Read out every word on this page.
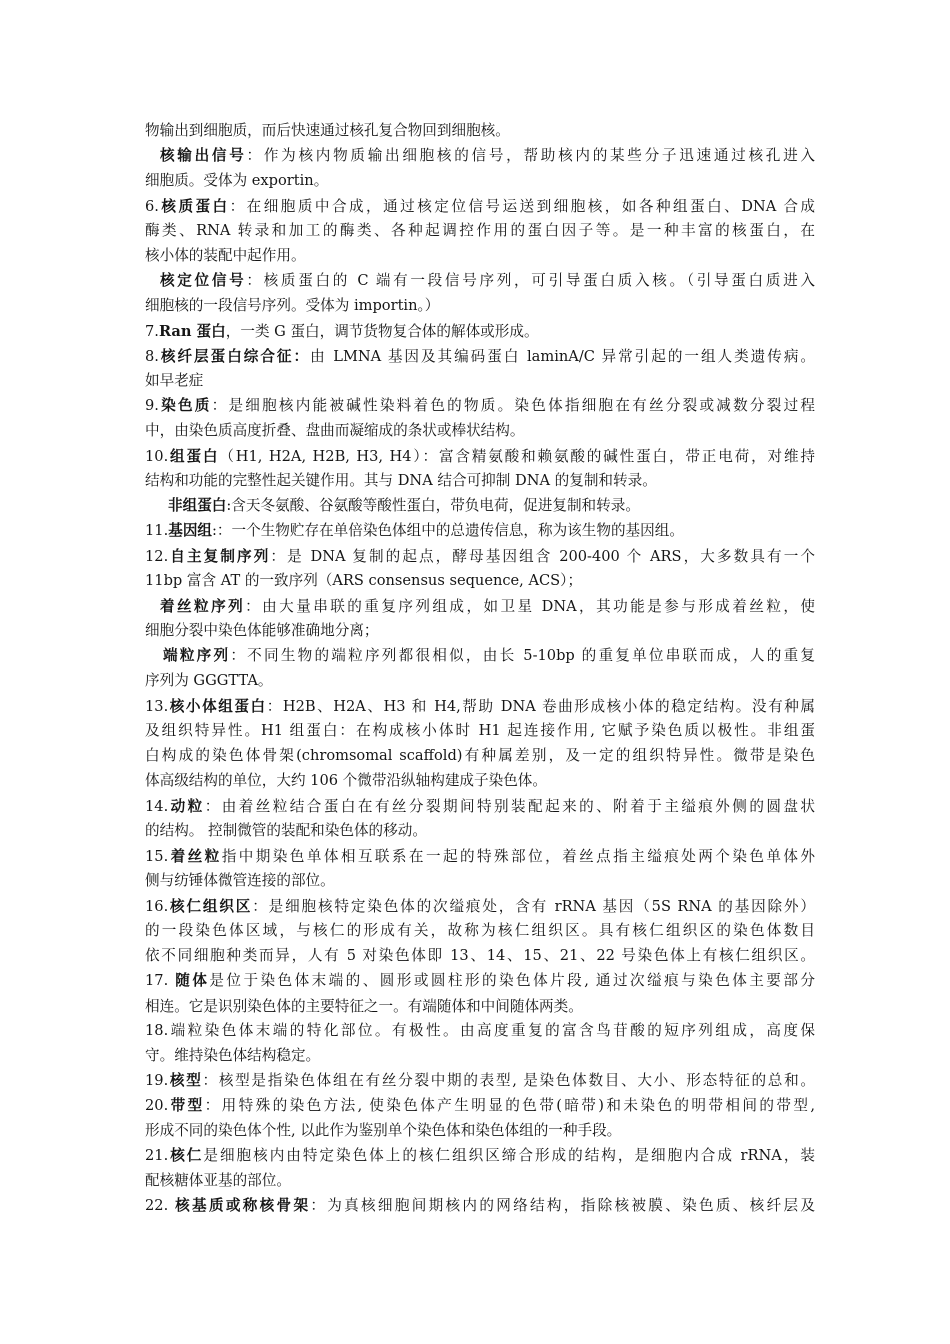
物输出到细胞质，而后快速通过核孔复合物回到细胞核。
核输出信号：作为核内物质输出细胞核的信号，帮助核内的某些分子迅速通过核孔进入
细胞质。受体为 exportin。
6.核质蛋白：在细胞质中合成，通过核定位信号运送到细胞核，如各种组蛋白、DNA 合成
酶类、RNA 转录和加工的酶类、各种起调控作用的蛋白因子等。是一种丰富的核蛋白，在
核小体的装配中起作用。
核定位信号：核质蛋白的 C 端有一段信号序列，可引导蛋白质入核。（引导蛋白质进入
细胞核的一段信号序列。受体为 importin。）
7.Ran 蛋白，一类 G 蛋白，调节货物复合体的解体或形成。
8.核纤层蛋白综合征：由 LMNA 基因及其编码蛋白 laminA/C 异常引起的一组人类遗传病。
如早老症
9.染色质：是细胞核内能被碱性染料着色的物质。染色体指细胞在有丝分裂或减数分裂过程
中，由染色质高度折叠、盘曲而凝缩成的条状或棒状结构。
10.组蛋白（H1, H2A, H2B, H3, H4）：富含精氨酸和赖氨酸的碱性蛋白，带正电荷，对维持
结构和功能的完整性起关键作用。其与 DNA 结合可抑制 DNA 的复制和转录。
非组蛋白:含天冬氨酸、谷氨酸等酸性蛋白，带负电荷，促进复制和转录。
11.基因组:：一个生物贮存在单倍染色体组中的总遗传信息，称为该生物的基因组。
12.自主复制序列：是 DNA 复制的起点，酵母基因组含 200-400 个 ARS，大多数具有一个
11bp 富含 AT 的一致序列（ARS consensus sequence, ACS）；
着丝粒序列：由大量串联的重复序列组成，如卫星 DNA，其功能是参与形成着丝粒，使
细胞分裂中染色体能够准确地分离；
端粒序列：不同生物的端粒序列都很相似，由长 5-10bp 的重复单位串联而成，人的重复
序列为 GGGTTA。
13.核小体组蛋白：H2B、H2A、H3 和 H4,帮助 DNA 卷曲形成核小体的稳定结构。没有种属
及组织特异性。H1 组蛋白：在构成核小体时 H1 起连接作用, 它赋予染色质以极性。非组蛋
白构成的染色体骨架(chromsomal scaffold)有种属差别，及一定的组织特异性。微带是染色
体高级结构的单位，大约 106 个微带沿纵轴构建成子染色体。
14.动粒：由着丝粒结合蛋白在有丝分裂期间特别装配起来的、附着于主缢痕外侧的圆盘状
的结构。 控制微管的装配和染色体的移动。
15.着丝粒指中期染色单体相互联系在一起的特殊部位，着丝点指主缢痕处两个染色单体外
侧与纺锤体微管连接的部位。
16.核仁组织区：是细胞核特定染色体的次缢痕处，含有 rRNA 基因（5S RNA 的基因除外）
的一段染色体区域，与核仁的形成有关，故称为核仁组织区。具有核仁组织区的染色体数目
依不同细胞种类而异，人有 5 对染色体即 13、14、15、21、22 号染色体上有核仁组织区。
17. 随体是位于染色体末端的、圆形或圆柱形的染色体片段, 通过次缢痕与染色体主要部分
相连。它是识别染色体的主要特征之一。有端随体和中间随体两类。
18.端粒染色体末端的特化部位。有极性。由高度重复的富含鸟苷酸的短序列组成，高度保
守。维持染色体结构稳定。
19.核型：核型是指染色体组在有丝分裂中期的表型, 是染色体数目、大小、形态特征的总和。
20.带型：用特殊的染色方法, 使染色体产生明显的色带(暗带)和未染色的明带相间的带型,
形成不同的染色体个性, 以此作为鉴别单个染色体和染色体组的一种手段。
21.核仁是细胞核内由特定染色体上的核仁组织区缔合形成的结构，是细胞内合成 rRNA，装
配核糖体亚基的部位。
22. 核基质或称核骨架：为真核细胞间期核内的网络结构，指除核被膜、染色质、核纤层及
